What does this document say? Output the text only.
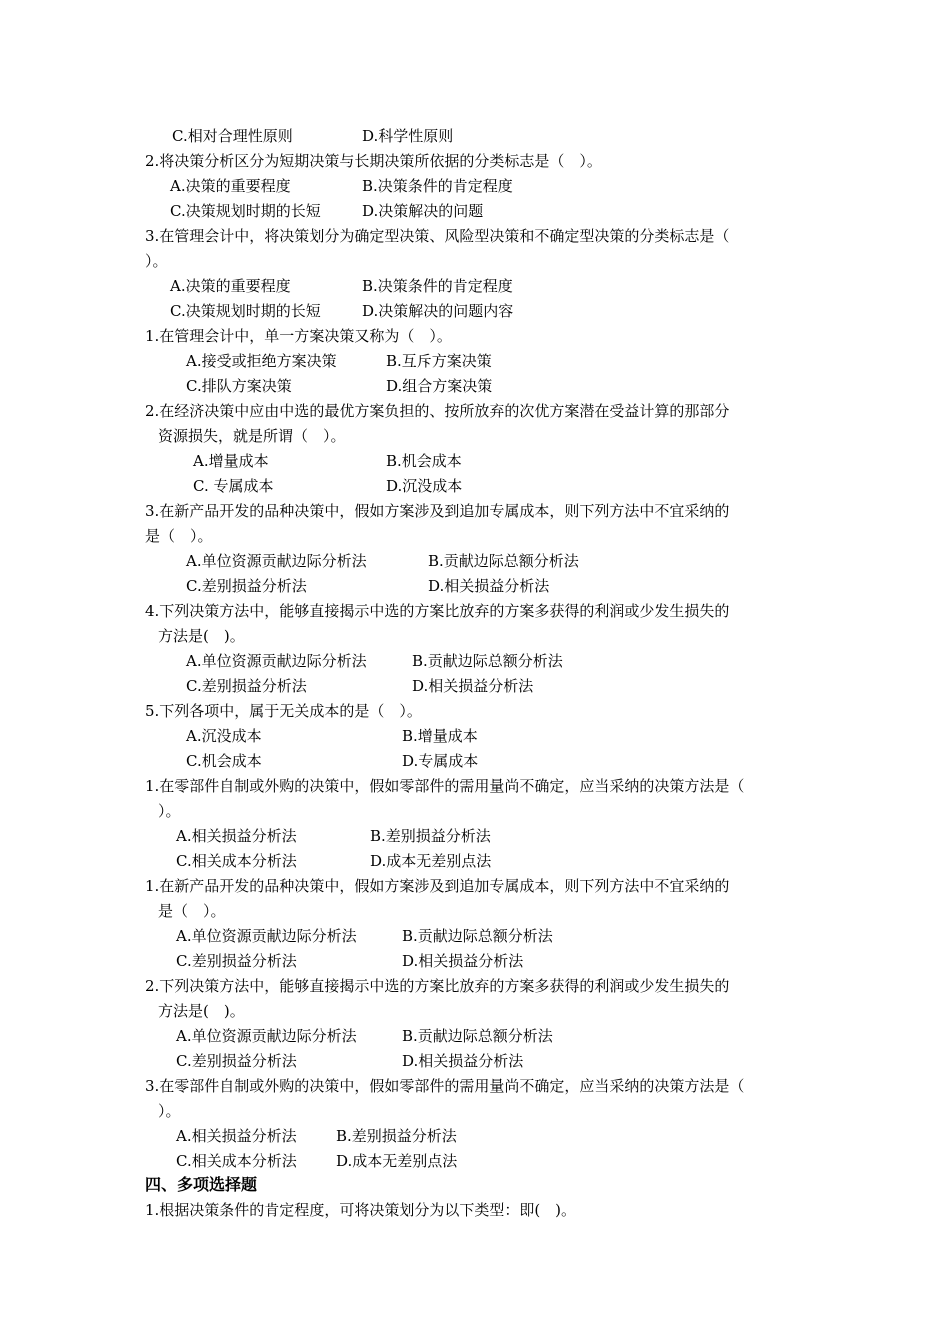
C.相对合理性原则	D.科学性原则
2.将决策分析区分为短期决策与长期决策所依据的分类标志是（　）。
A.决策的重要程度	B.决策条件的肯定程度
C.决策规划时期的长短	D.决策解决的问题
3.在管理会计中，将决策划分为确定型决策、风险型决策和不确定型决策的分类标志是（
）。
A.决策的重要程度	B.决策条件的肯定程度
C.决策规划时期的长短	D.决策解决的问题内容
1.在管理会计中，单一方案决策又称为（　）。
A.接受或拒绝方案决策	B.互斥方案决策
C.排队方案决策	D.组合方案决策
2.在经济决策中应由中选的最优方案负担的、按所放弃的次优方案潜在受益计算的那部分
资源损失，就是所谓（　）。
A.增量成本	B.机会成本
C. 专属成本	D.沉没成本
3.在新产品开发的品种决策中，假如方案涉及到追加专属成本，则下列方法中不宜采纳的
是（　）。
A.单位资源贡献边际分析法	B.贡献边际总额分析法
C.差别损益分析法	D.相关损益分析法
4.下列决策方法中，能够直接揭示中选的方案比放弃的方案多获得的利润或少发生损失的
方法是(　)。
A.单位资源贡献边际分析法	B.贡献边际总额分析法
C.差别损益分析法	D.相关损益分析法
5.下列各项中，属于无关成本的是（　）。
A.沉没成本	B.增量成本
C.机会成本	D.专属成本
1.在零部件自制或外购的决策中，假如零部件的需用量尚不确定，应当采纳的决策方法是（
）。
A.相关损益分析法	B.差别损益分析法
C.相关成本分析法	D.成本无差别点法
1.在新产品开发的品种决策中，假如方案涉及到追加专属成本，则下列方法中不宜采纳的
是（　）。
A.单位资源贡献边际分析法	B.贡献边际总额分析法
C.差别损益分析法	D.相关损益分析法
2.下列决策方法中，能够直接揭示中选的方案比放弃的方案多获得的利润或少发生损失的
方法是(　)。
A.单位资源贡献边际分析法	B.贡献边际总额分析法
C.差别损益分析法	D.相关损益分析法
3.在零部件自制或外购的决策中，假如零部件的需用量尚不确定，应当采纳的决策方法是（
）。
A.相关损益分析法	B.差别损益分析法
C.相关成本分析法	D.成本无差别点法
四、多项选择题
1.根据决策条件的肯定程度，可将决策划分为以下类型：即(　)。
